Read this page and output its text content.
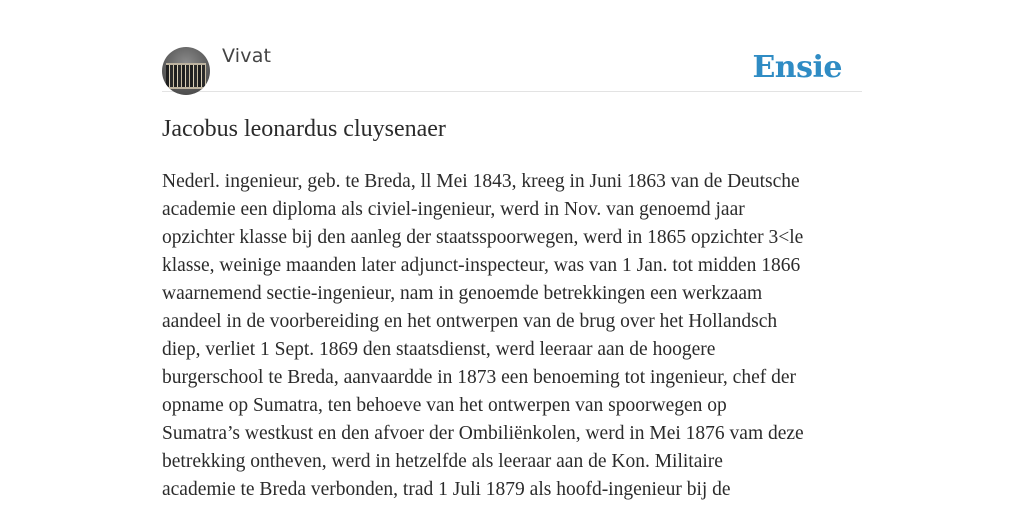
Vivat	Ensie
Jacobus leonardus cluysenaer
Nederl. ingenieur, geb. te Breda, ll Mei 1843, kreeg in Juni 1863 van de Deutsche
academie een diploma als civiel-ingenieur, werd in Nov. van genoemd jaar
opzichter klasse bij den aanleg der staatsspoorwegen, werd in 1865 opzichter 3<le
klasse, weinige maanden later adjunct-inspecteur, was van 1 Jan. tot midden 1866
waarnemend sectie-ingenieur, nam in genoemde betrekkingen een werkzaam
aandeel in de voorbereiding en het ontwerpen van de brug over het Hollandsch
diep, verliet 1 Sept. 1869 den staatsdienst, werd leeraar aan de hoogere
burgerschool te Breda, aanvaardde in 1873 een benoeming tot ingenieur, chef der
opname op Sumatra, ten behoeve van het ontwerpen van spoorwegen op
Sumatra’s westkust en den afvoer der Ombiliënkolen, werd in Mei 1876 vam deze
betrekking ontheven, werd in hetzelfde als leeraar aan de Kon. Militaire
academie te Breda verbonden, trad 1 Juli 1879 als hoofd-ingenieur bij de
